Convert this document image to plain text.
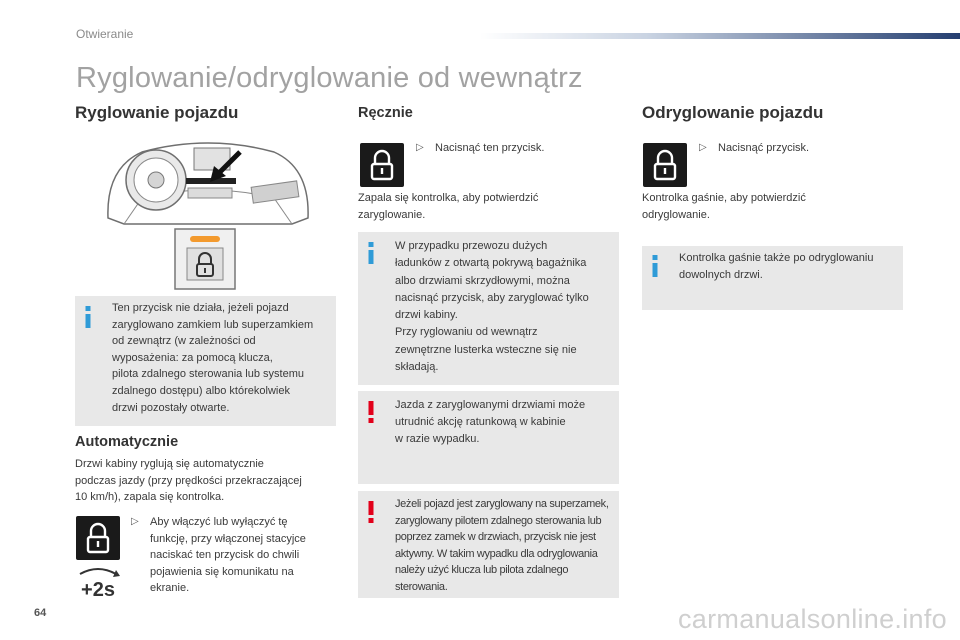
Otwieranie
Ryglowanie/odryglowanie od wewnątrz
Ryglowanie pojazdu
Ten przycisk nie działa, jeżeli pojazd
zaryglowano zamkiem lub superzamkiem
od zewnątrz (w zależności od
wyposażenia: za pomocą klucza,
pilota zdalnego sterowania lub systemu
zdalnego dostępu) albo którekolwiek
drzwi pozostały otwarte.
Automatycznie
Drzwi kabiny ryglują się automatycznie
podczas jazdy (przy prędkości przekraczającej
10 km/h), zapala się kontrolka.
+2s
▷ Aby włączyć lub wyłączyć tę
funkcję, przy włączonej stacyjce
naciskać ten przycisk do chwili
pojawienia się komunikatu na
ekranie.
Ręcznie
▷ Nacisnąć ten przycisk.
Zapala się kontrolka, aby potwierdzić
zaryglowanie.
W przypadku przewozu dużych
ładunków z otwartą pokrywą bagażnika
albo drzwiami skrzydłowymi, można
nacisnąć przycisk, aby zaryglować tylko
drzwi kabiny.
Przy ryglowaniu od wewnątrz
zewnętrzne lusterka wsteczne się nie
składają.
Jazda z zaryglowanymi drzwiami może
utrudnić akcję ratunkową w kabinie
w razie wypadku.
Jeżeli pojazd jest zaryglowany na superzamek,
zaryglowany pilotem zdalnego sterowania lub
poprzez zamek w drzwiach, przycisk nie jest
aktywny. W takim wypadku dla odryglowania
należy użyć klucza lub pilota zdalnego sterowania.
Odryglowanie pojazdu
▷ Nacisnąć przycisk.
Kontrolka gaśnie, aby potwierdzić
odryglowanie.
Kontrolka gaśnie także po odryglowaniu
dowolnych drzwi.
64	carmanualsonline.info
